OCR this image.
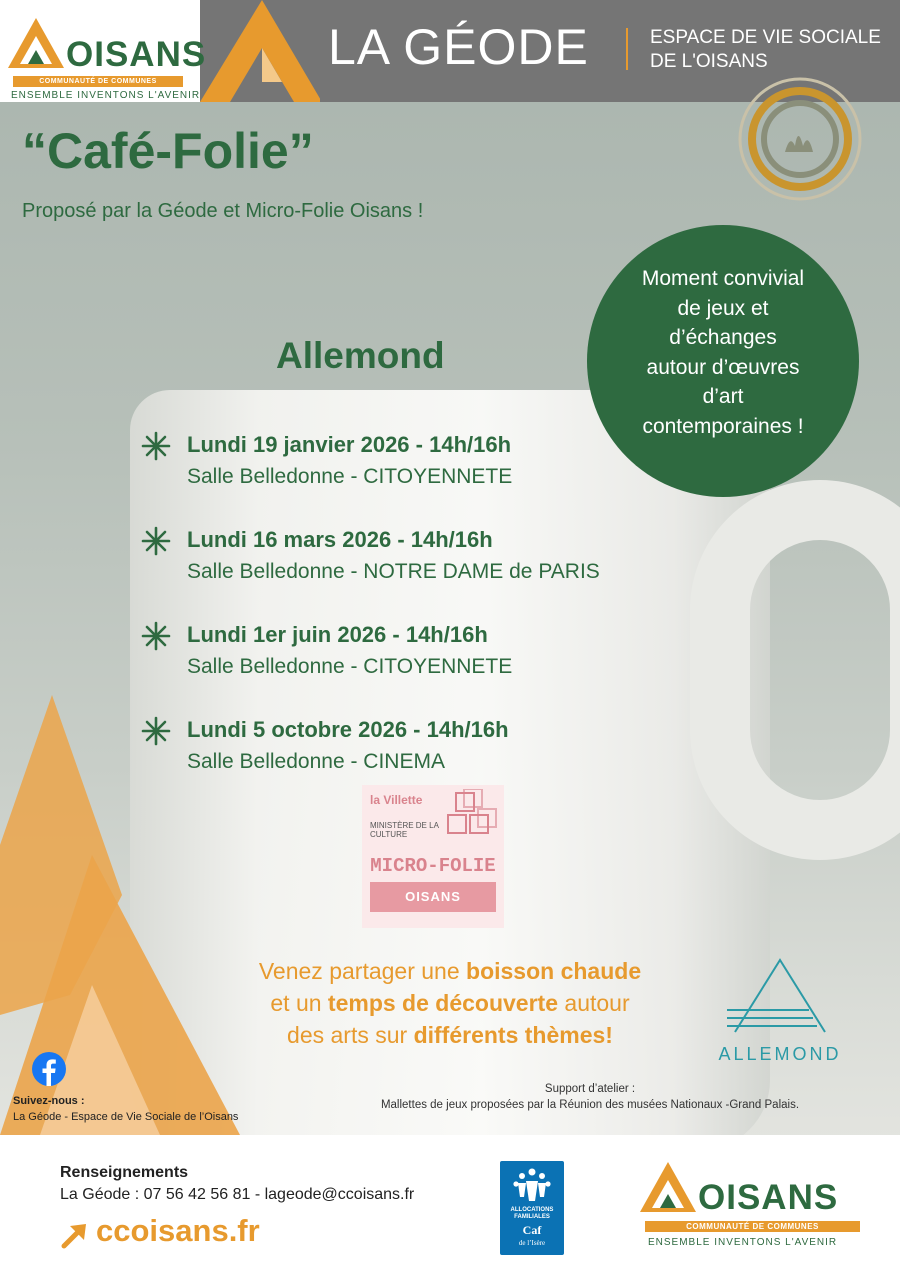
OISANS
COMMUNAUTÉ DE COMMUNES
ENSEMBLE INVENTONS L'AVENIR
LA GÉODE	ESPACE DE VIE SOCIALE
DE L'OISANS
“Café-Folie”
Proposé par la Géode et Micro-Folie Oisans !
Moment convivial
de jeux et
d’échanges
autour d’œuvres
d’art
contemporaines !
Allemond
Lundi 19 janvier 2026 - 14h/16h
Salle Belledonne - CITOYENNETE
Lundi 16 mars 2026 - 14h/16h
Salle Belledonne - NOTRE DAME de PARIS
Lundi 1er juin 2026 - 14h/16h
Salle Belledonne - CITOYENNETE
Lundi 5 octobre 2026 - 14h/16h
Salle Belledonne - CINEMA
la Villette
MINISTÈRE DE LA CULTURE
MICRO-FOLIE
OISANS
Venez partager une boisson chaude
et un temps de découverte autour
des arts sur différents thèmes!
ALLEMOND
Suivez-nous :
La Géode - Espace de Vie Sociale de l’Oisans
Support d’atelier :
Mallettes de jeux proposées par la Réunion des musées Nationaux -Grand Palais.
Renseignements
La Géode : 07 56 42 56 81 - lageode@ccoisans.fr
ccoisans.fr
ALLOCATIONS FAMILIALES
Caf
de l’Isère
OISANS
COMMUNAUTÉ DE COMMUNES
ENSEMBLE INVENTONS L'AVENIR
